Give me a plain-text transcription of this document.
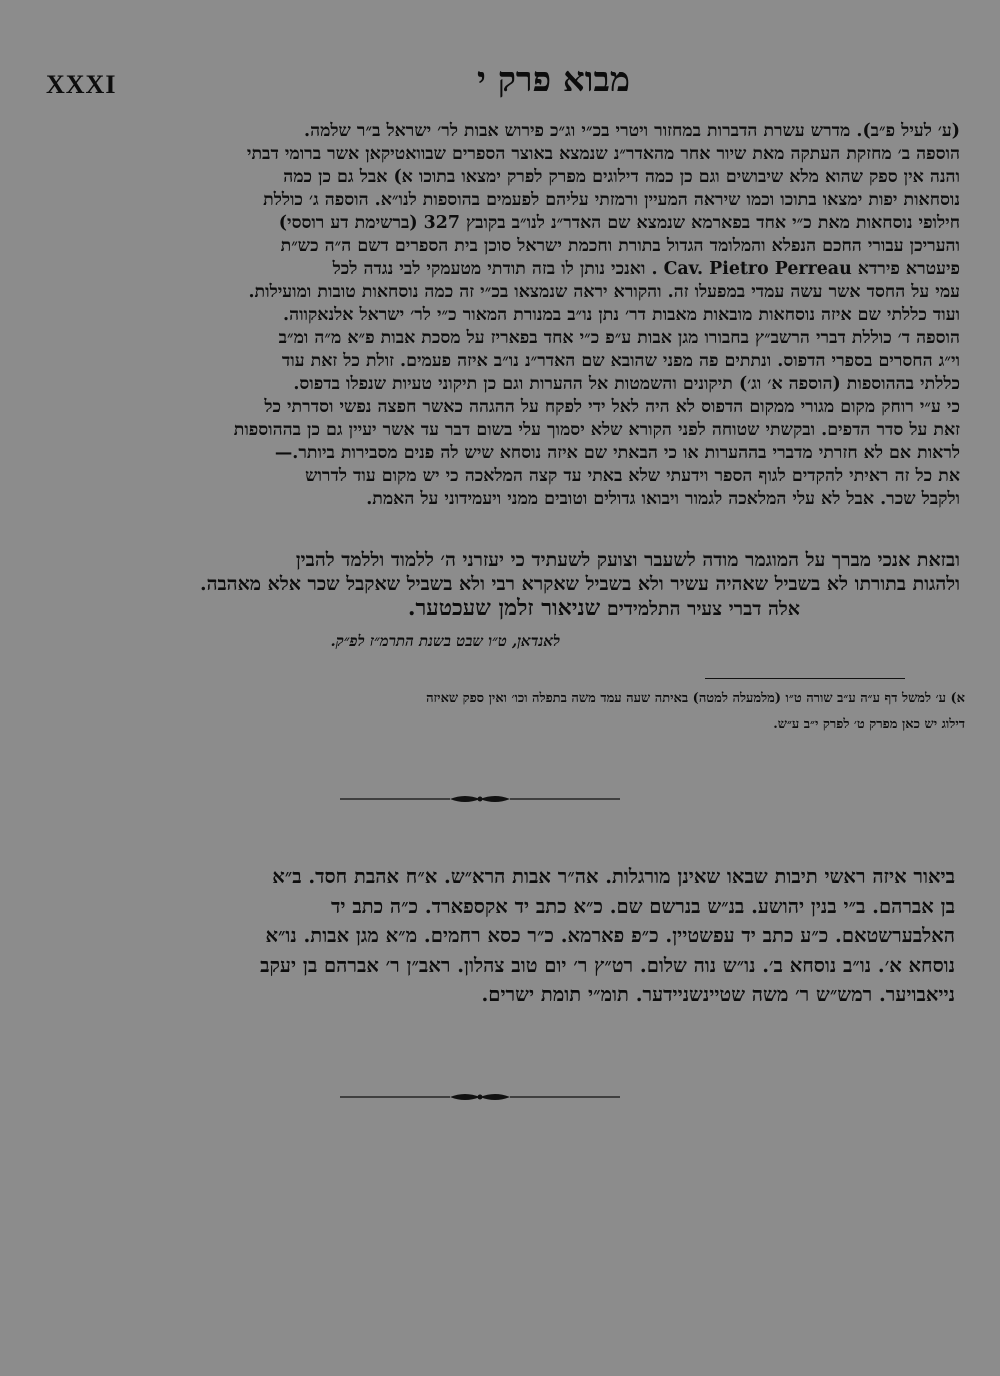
XXXI	מבוא פרק י
(ע׳ לעיל פ״ב). מדרש עשרת הדברות במחזור ויטרי בכ״י וג״כ פירוש אבות לר׳ ישראל ב״ר שלמה.
הוספה ב׳ מחזקת העתקה מאת שיור אחר מהאדר״נ שנמצא באוצר הספרים שבוואטיקאן אשר ברומי דבתי
והנה אין ספק שהוא מלא שיבושים וגם כן כמה דילוגים מפרק לפרק ימצאו בתוכו א) אבל גם כן כמה
נוסחאות יפות ימצאו בתוכו וכמו שיראה המעיין ורמזתי עליהם לפעמים בהוספות לנו״א. הוספה ג׳ כוללת
חילופי נוסחאות מאת כ״י אחד בפארמא שנמצא שם האדר״נ לנו״ב בקובץ 327 (ברשימת דע רוססי)
והעריכן עבורי החכם הנפלא והמלומד הגדול בתורת וחכמת ישראל סוכן בית הספרים דשם ה״ה כש״ת
פיעטרא פירדא Cav. Pietro Perreau . ואנכי נותן לו בזה תודתי מטעמקי לבי נגדה לכל
עמי על החסד אשר עשה עמדי במפעלו זה. והקורא יראה שנמצאו בכ״י זה כמה נוסחאות טובות ומועילות.
ועוד כללתי שם איזה נוסחאות מובאות מאבות דר׳ נתן נו״ב במנורת המאור כ״י לר׳ ישראל אלנאקווה.
הוספה ד׳ כוללת דברי הרשב״ץ בחבורו מגן אבות ע״פ כ״י אחד בפאריז על מסכת אבות פ״א מ״ה ומ״ב
וי״ג החסרים בספרי הדפוס. ונתתים פה מפני שהובא שם האדר״נ נו״ב איזה פעמים. זולת כל זאת עוד
כללתי בההוספות (הוספה א׳ וג׳) תיקונים והשמטות אל ההערות וגם כן תיקוני טעיות שנפלו בדפוס.
כי ע״י רוחק מקום מגורי ממקום הדפוס לא היה לאל ידי לפקח על ההגהה כאשר חפצה נפשי וסדרתי כל
זאת על סדר הדפים. ובקשתי שטוחה לפני הקורא שלא יסמוך עלי בשום דבר עד אשר יעיין גם כן בההוספות
לראות אם לא חזרתי מדברי בההערות או כי הבאתי שם איזה נוסחא שיש לה פנים מסבירות ביותר.—
את כל זה ראיתי להקדים לגוף הספר וידעתי שלא באתי עד קצה המלאכה כי יש מקום עוד לדרוש
ולקבל שכר. אבל לא עלי המלאכה לגמור ויבואו גדולים וטובים ממני ויעמידוני על האמת.
ובזאת אנכי מברך על המוגמר מודה לשעבר וצועק לשעתיד כי יעזרני ה׳ ללמוד וללמד להבין
ולהגות בתורתו לא בשביל שאהיה עשיר ולא בשביל שאקרא רבי ולא בשביל שאקבל שכר אלא מאהבה.
אלה דברי צעיר התלמידים שניאור זלמן שעכטער.
לאנדאן, ט״ו שבט בשנת התרמ״ז לפ״ק.
א) ע׳ למשל דף ע״ה ע״ב שורה ט״ו (מלמעלה למטה) באיתה שעה עמד משה בתפלה וכו׳ ואין ספק שאיזה
דילוג יש כאן מפרק ט׳ לפרק י״ב ע״ש.
ביאור איזה ראשי תיבות שבאו שאינן מורגלות. אה״ר אבות הרא״ש. א״ח אהבת חסד. ב״א
בן אברהם. ב״י בנין יהושע. בנ״ש בנרשם שם. כ״א כתב יד אקספארד. כ״ה כתב יד
האלבערשטאם. כ״ע כתב יד עפשטיין. כ״פ פארמא. כ״ר כסא רחמים. מ״א מגן אבות. נו״א
נוסחא א׳. נו״ב נוסחא ב׳. נו״ש נוה שלום. רט״ץ ר׳ יום טוב צהלון. ראב״ן ר׳ אברהם בן יעקב
נייאבויער. רמש״ש ר׳ משה שטיינשניידער. תומ״י תומת ישרים.
